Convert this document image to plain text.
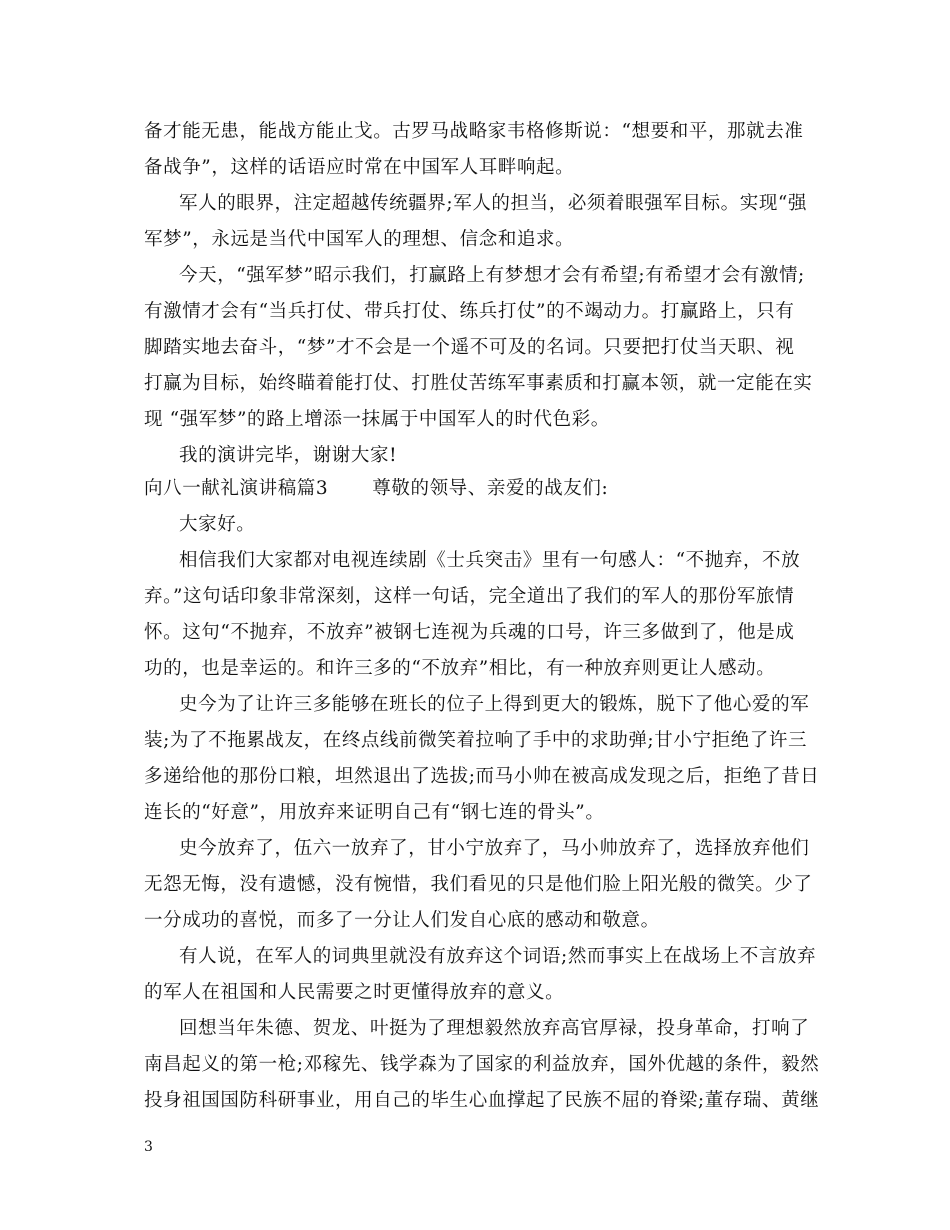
备才能无患，能战方能止戈。古罗马战略家韦格修斯说：“想要和平，那就去准
备战争”，这样的话语应时常在中国军人耳畔响起。
军人的眼界，注定超越传统疆界;军人的担当，必须着眼强军目标。实现“强
军梦”，永远是当代中国军人的理想、信念和追求。
今天，“强军梦”昭示我们，打赢路上有梦想才会有希望;有希望才会有激情;
有激情才会有“当兵打仗、带兵打仗、练兵打仗”的不竭动力。打赢路上，只有
脚踏实地去奋斗，“梦”才不会是一个遥不可及的名词。只要把打仗当天职、视
打赢为目标，始终瞄着能打仗、打胜仗苦练军事素质和打赢本领，就一定能在实
现 “强军梦”的路上增添一抹属于中国军人的时代色彩。
我的演讲完毕，谢谢大家!
向八一献礼演讲稿篇3 尊敬的领导、亲爱的战友们:
大家好。
相信我们大家都对电视连续剧《士兵突击》里有一句感人：“不抛弃，不放
弃。”这句话印象非常深刻，这样一句话，完全道出了我们的军人的那份军旅情
怀。这句“不抛弃，不放弃”被钢七连视为兵魂的口号，许三多做到了，他是成
功的，也是幸运的。和许三多的“不放弃”相比，有一种放弃则更让人感动。
史今为了让许三多能够在班长的位子上得到更大的锻炼，脱下了他心爱的军
装;为了不拖累战友，在终点线前微笑着拉响了手中的求助弹;甘小宁拒绝了许三
多递给他的那份口粮，坦然退出了选拔;而马小帅在被高成发现之后，拒绝了昔日
连长的“好意”，用放弃来证明自己有“钢七连的骨头”。
史今放弃了，伍六一放弃了，甘小宁放弃了，马小帅放弃了，选择放弃他们
无怨无悔，没有遗憾，没有惋惜，我们看见的只是他们脸上阳光般的微笑。少了
一分成功的喜悦，而多了一分让人们发自心底的感动和敬意。
有人说，在军人的词典里就没有放弃这个词语;然而事实上在战场上不言放弃
的军人在祖国和人民需要之时更懂得放弃的意义。
回想当年朱德、贺龙、叶挺为了理想毅然放弃高官厚禄，投身革命，打响了
南昌起义的第一枪;邓稼先、钱学森为了国家的利益放弃，国外优越的条件，毅然
投身祖国国防科研事业，用自己的毕生心血撑起了民族不屈的脊梁;董存瑞、黄继
3
